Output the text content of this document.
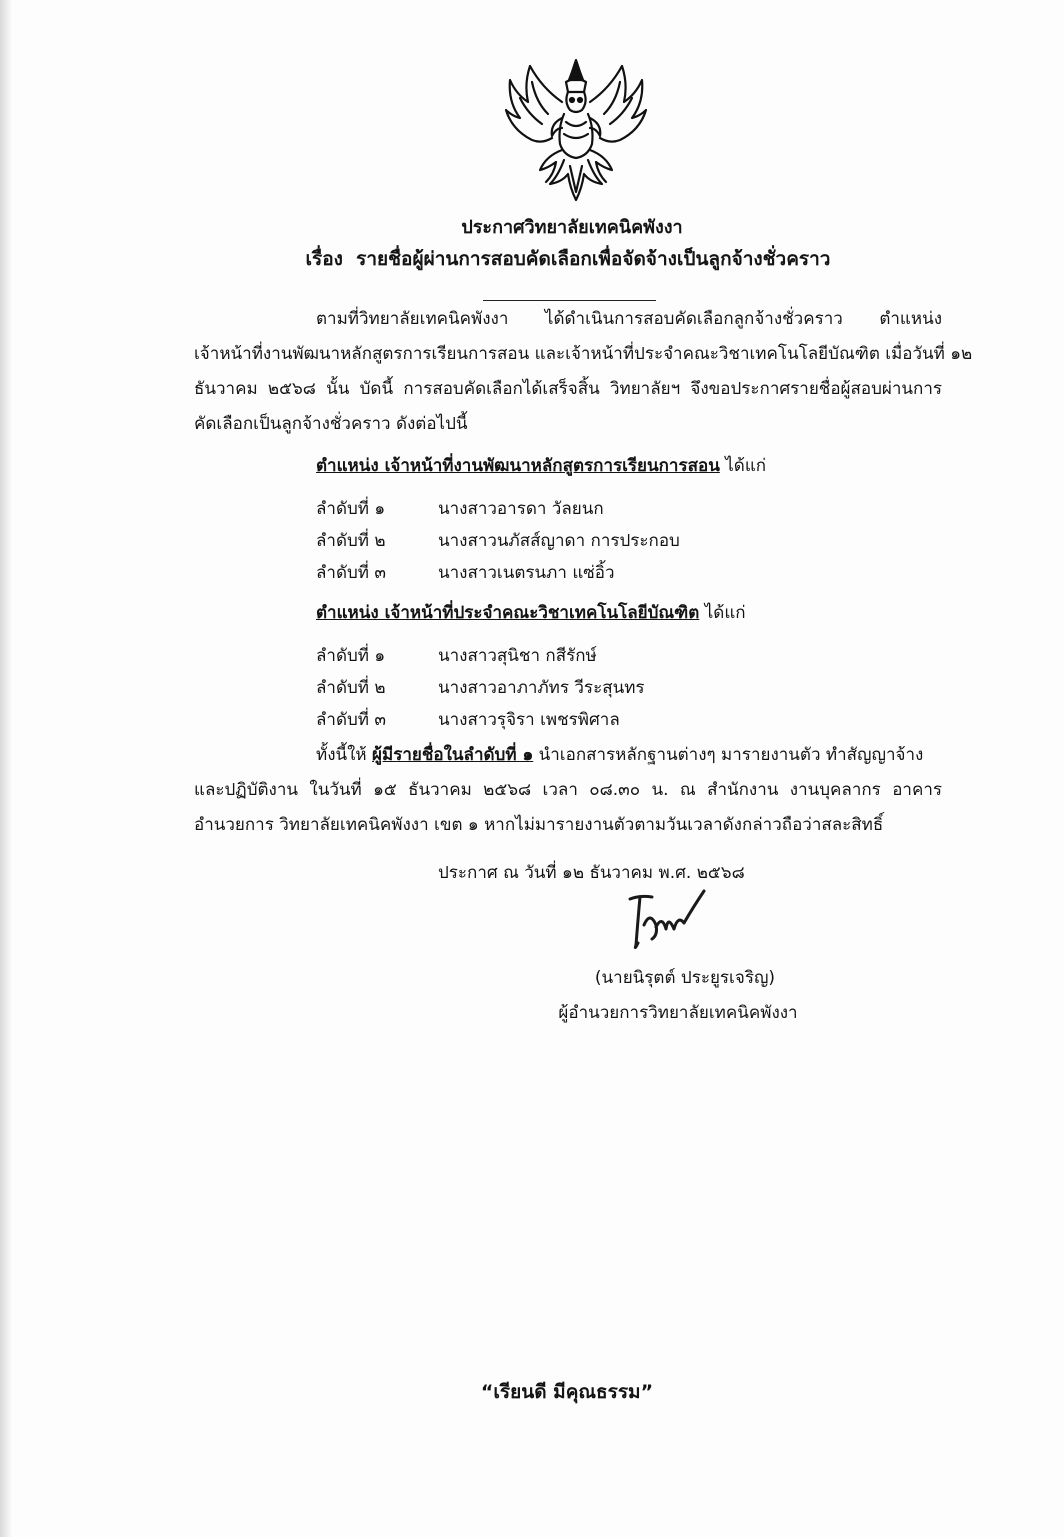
ประกาศวิทยาลัยเทคนิคพังงา
เรื่อง รายชื่อผู้ผ่านการสอบคัดเลือกเพื่อจัดจ้างเป็นลูกจ้างชั่วคราว
ตามที่วิทยาลัยเทคนิคพังงา ได้ดำเนินการสอบคัดเลือกลูกจ้างชั่วคราว ตำแหน่ง
เจ้าหน้าที่งานพัฒนาหลักสูตรการเรียนการสอน และเจ้าหน้าที่ประจำคณะวิชาเทคโนโลยีบัณฑิต เมื่อวันที่ ๑๒
ธันวาคม ๒๕๖๘ นั้น บัดนี้ การสอบคัดเลือกได้เสร็จสิ้น วิทยาลัยฯ จึงขอประกาศรายชื่อผู้สอบผ่านการ
คัดเลือกเป็นลูกจ้างชั่วคราว ดังต่อไปนี้
ตำแหน่ง เจ้าหน้าที่งานพัฒนาหลักสูตรการเรียนการสอน ได้แก่
ลำดับที่ ๑	นางสาวอารดา วัลยนก
ลำดับที่ ๒	นางสาวนภัสส์ญาดา การประกอบ
ลำดับที่ ๓	นางสาวเนตรนภา แซ่อิ้ว
ตำแหน่ง เจ้าหน้าที่ประจำคณะวิชาเทคโนโลยีบัณฑิต ได้แก่
ลำดับที่ ๑	นางสาวสุนิชา กสีรักษ์
ลำดับที่ ๒	นางสาวอาภาภัทร วีระสุนทร
ลำดับที่ ๓	นางสาวรุจิรา เพชรพิศาล
ทั้งนี้ให้ ผู้มีรายชื่อในลำดับที่ ๑ นำเอกสารหลักฐานต่างๆ มารายงานตัว ทำสัญญาจ้าง
และปฏิบัติงาน ในวันที่ ๑๕ ธันวาคม ๒๕๖๘ เวลา ๐๘.๓๐ น. ณ สำนักงาน งานบุคลากร อาคาร
อำนวยการ วิทยาลัยเทคนิคพังงา เขต ๑ หากไม่มารายงานตัวตามวันเวลาดังกล่าวถือว่าสละสิทธิ์
ประกาศ ณ วันที่ ๑๒ ธันวาคม พ.ศ. ๒๕๖๘
(นายนิรุตต์ ประยูรเจริญ)
ผู้อำนวยการวิทยาลัยเทคนิคพังงา
“เรียนดี มีคุณธรรม”
